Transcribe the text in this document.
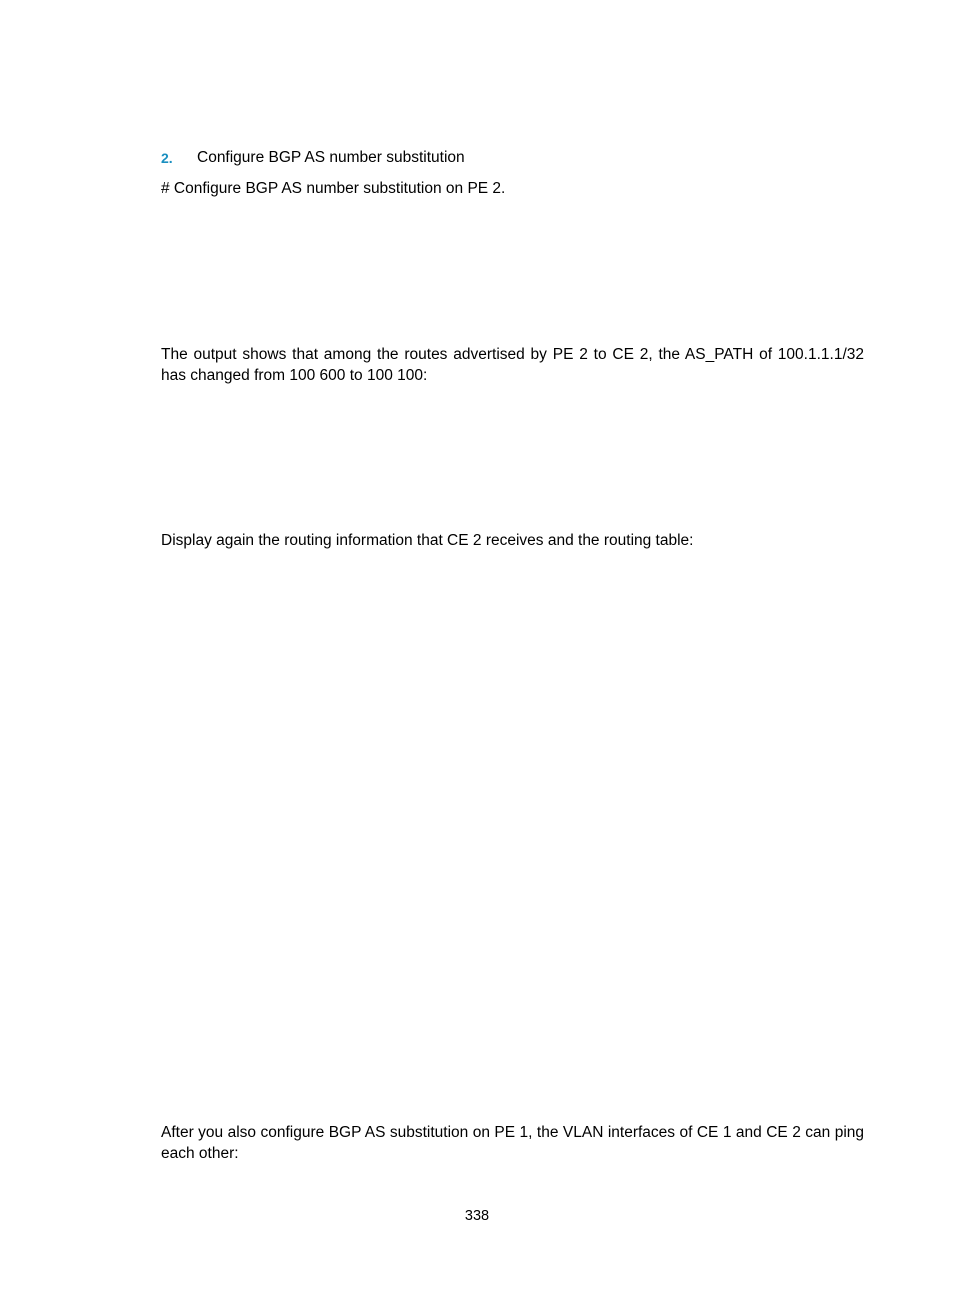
2.	Configure BGP AS number substitution
# Configure BGP AS number substitution on PE 2.
The output shows that among the routes advertised by PE 2 to CE 2, the AS_PATH of 100.1.1.1/32 has changed from 100 600 to 100 100:
Display again the routing information that CE 2 receives and the routing table:
After you also configure BGP AS substitution on PE 1, the VLAN interfaces of CE 1 and CE 2 can ping each other:
338
